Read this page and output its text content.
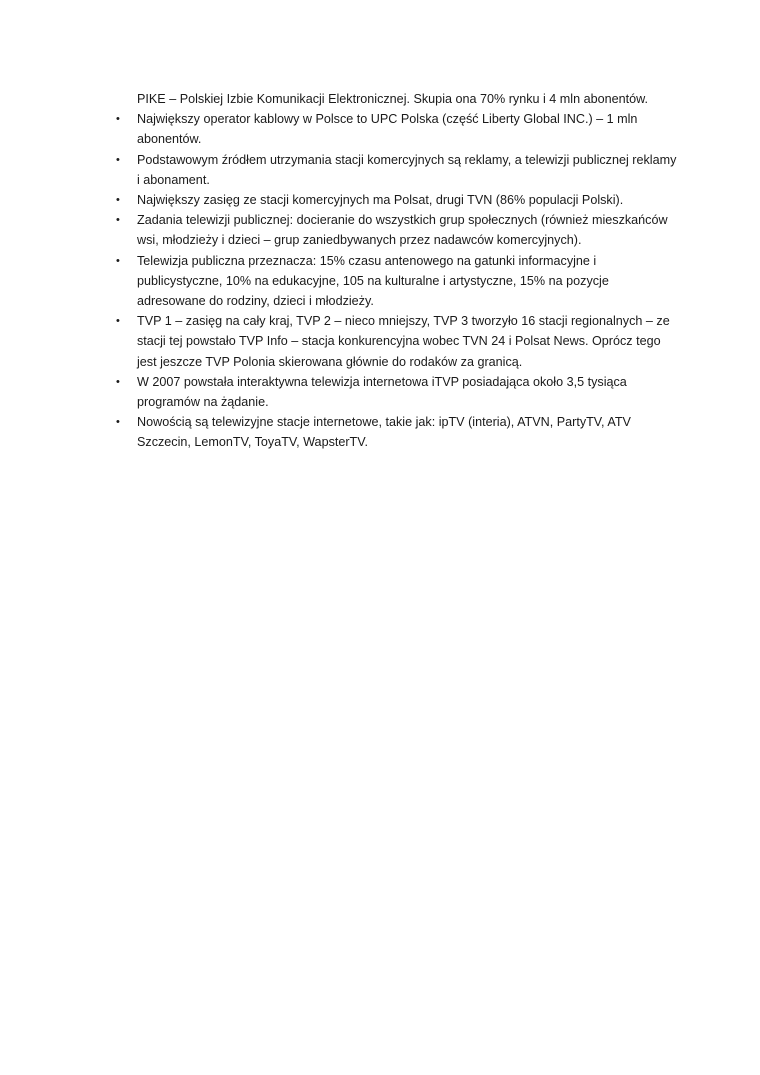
PIKE – Polskiej Izbie Komunikacji Elektronicznej. Skupia ona 70% rynku i 4 mln abonentów.

• Największy operator kablowy w Polsce to UPC Polska (część Liberty Global INC.) – 1 mln abonentów.
• Podstawowym źródłem utrzymania stacji komercyjnych są reklamy, a telewizji publicznej reklamy i abonament.
• Największy zasięg ze stacji komercyjnych ma Polsat, drugi TVN (86% populacji Polski).
• Zadania telewizji publicznej: docieranie do wszystkich grup społecznych (również mieszkańców wsi, młodzieży i dzieci – grup zaniedbywanych przez nadawców komercyjnych).
• Telewizja publiczna przeznacza: 15% czasu antenowego na gatunki informacyjne i publicystyczne, 10% na edukacyjne, 105 na kulturalne i artystyczne, 15% na pozycje adresowane do rodziny, dzieci i młodzieży.
• TVP 1 – zasięg na cały kraj, TVP 2 – nieco mniejszy, TVP 3 tworzyło 16 stacji regionalnych – ze stacji tej powstało TVP Info – stacja konkurencyjna wobec TVN 24 i Polsat News. Oprócz tego jest jeszcze TVP Polonia skierowana głównie do rodaków za granicą.
• W 2007 powstała interaktywna telewizja internetowa iTVP posiadająca około 3,5 tysiąca programów na żądanie.
• Nowością są telewizyjne stacje internetowe, takie jak: ipTV (interia), ATVN, PartyTV, ATV Szczecin, LemonTV, ToyaTV, WapsterTV.
